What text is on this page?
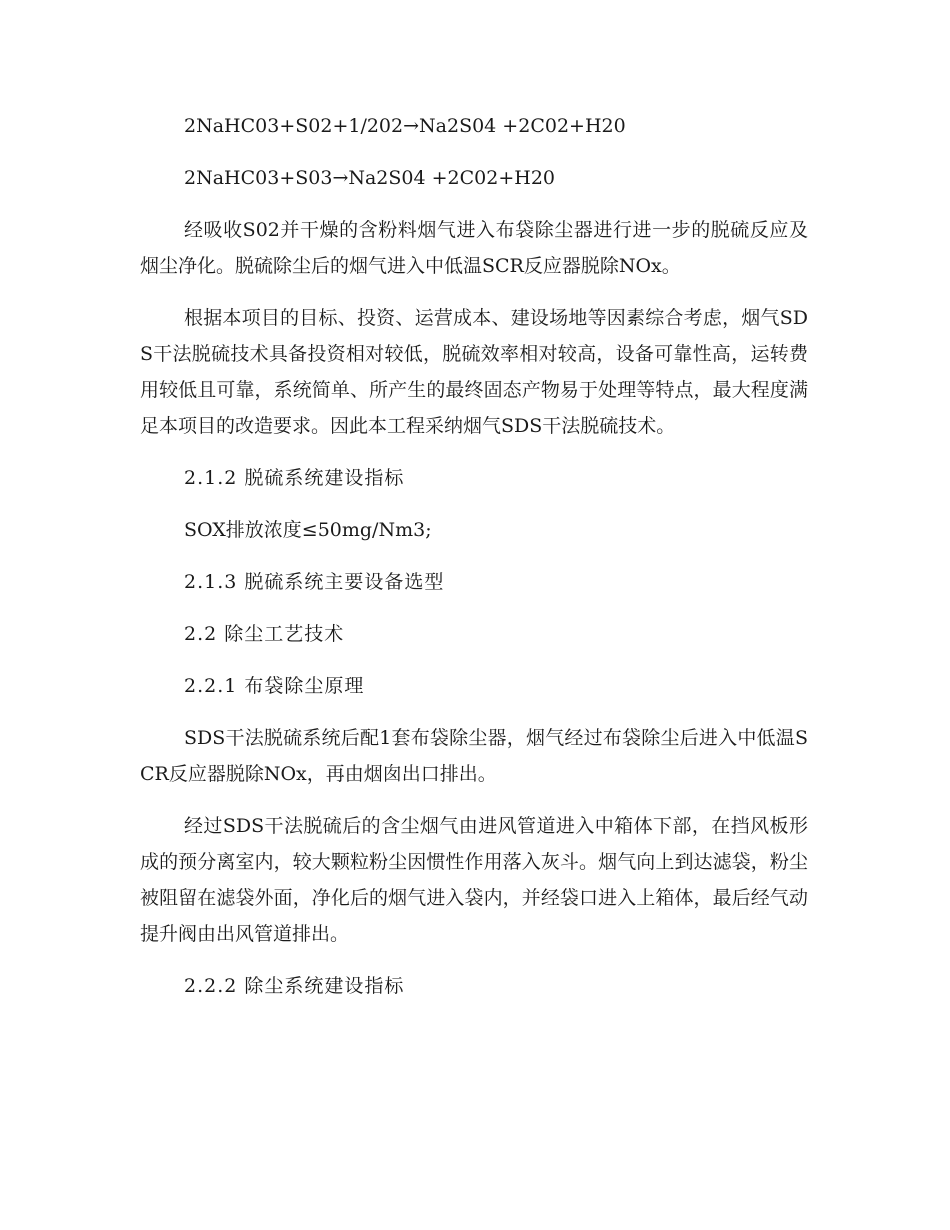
2NaHC03+S02+1/202→Na2S04 +2C02+H20

2NaHC03+S03→Na2S04 +2C02+H20

经吸收S02并干燥的含粉料烟气进入布袋除尘器进行进一步的脱硫反应及烟尘净化。脱硫除尘后的烟气进入中低温SCR反应器脱除NOx。

根据本项目的目标、投资、运营成本、建设场地等因素综合考虑，烟气SDS干法脱硫技术具备投资相对较低，脱硫效率相对较高，设备可靠性高，运转费用较低且可靠，系统简单、所产生的最终固态产物易于处理等特点，最大程度满足本项目的改造要求。因此本工程采纳烟气SDS干法脱硫技术。

2.1.2 脱硫系统建设指标

SOX排放浓度≤50mg/Nm3;

2.1.3 脱硫系统主要设备选型

2.2 除尘工艺技术

2.2.1 布袋除尘原理

SDS干法脱硫系统后配1套布袋除尘器，烟气经过布袋除尘后进入中低温SCR反应器脱除NOx，再由烟囱出口排出。

经过SDS干法脱硫后的含尘烟气由进风管道进入中箱体下部，在挡风板形成的预分离室内，较大颗粒粉尘因惯性作用落入灰斗。烟气向上到达滤袋，粉尘被阻留在滤袋外面，净化后的烟气进入袋内，并经袋口进入上箱体，最后经气动提升阀由出风管道排出。

2.2.2 除尘系统建设指标
